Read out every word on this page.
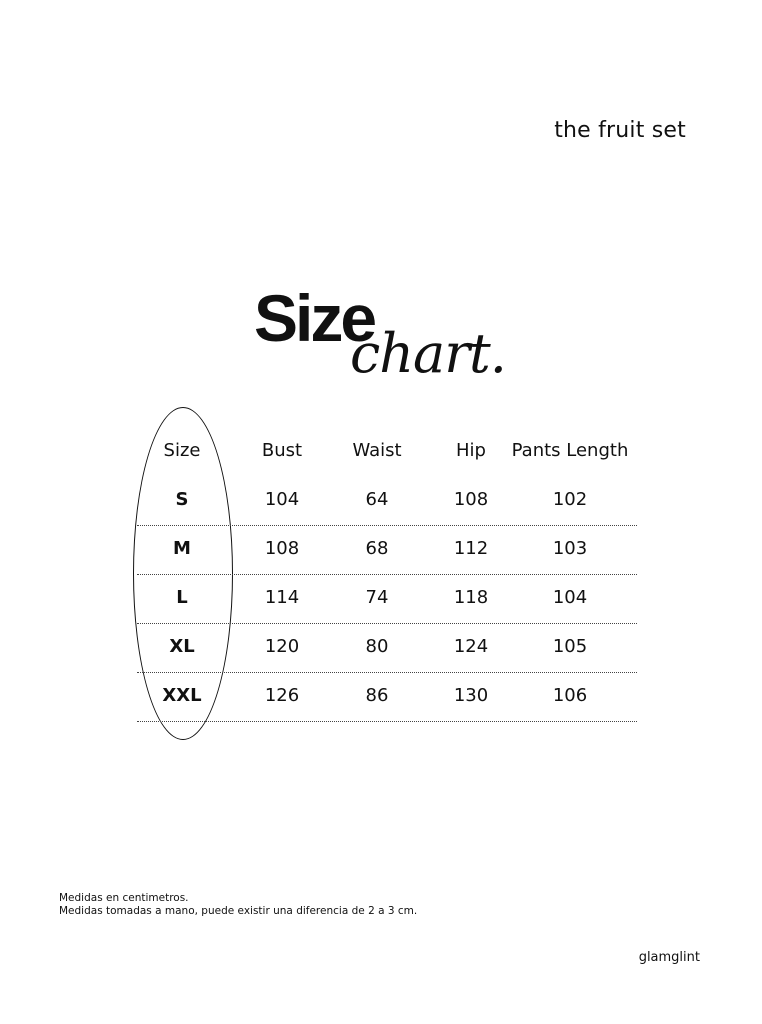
the fruit set
Size
chart.
Size	Bust	Waist	Hip	Pants Length
S	104	64	108	102
M	108	68	112	103
L	114	74	118	104
XL	120	80	124	105
XXL	126	86	130	106
Medidas en centimetros.
Medidas tomadas a mano, puede existir una diferencia de 2 a 3 cm.
glamglint
